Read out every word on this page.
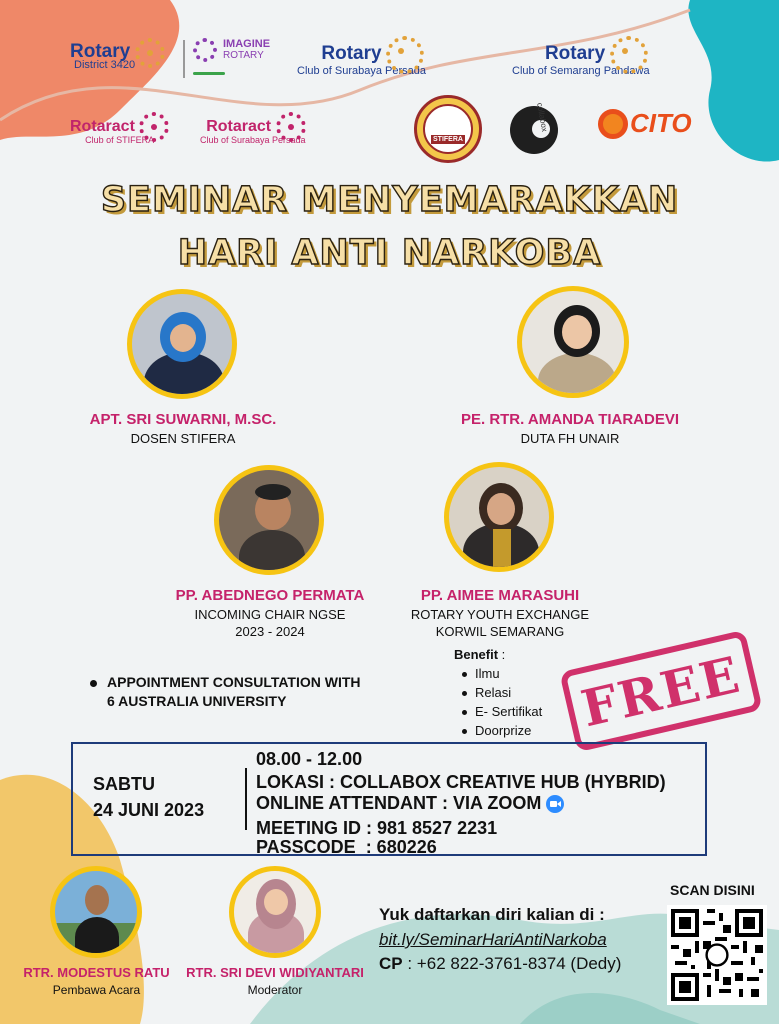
Rotary
District 3420
IMAGINE
ROTARY	Rotary
Club of Surabaya Persada
Rotary
Club of Semarang Pandawa
Rotaract
Club of STIFERA
Rotaract
Club of Surabaya Persada	STIFERA
collabox	CITO
SEMINAR MENYEMARAKKAN
HARI ANTI NARKOBA
APT. SRI SUWARNI, M.SC.
DOSEN STIFERA
PE. RTR. AMANDA TIARADEVI
DUTA FH UNAIR
PP. ABEDNEGO PERMATA
INCOMING CHAIR NGSE
2023 - 2024
PP. AIMEE MARASUHI
ROTARY YOUTH EXCHANGE
KORWIL SEMARANG
APPOINTMENT CONSULTATION WITH
6 AUSTRALIA UNIVERSITY
Benefit :
Ilmu
Relasi
E- Sertifikat
Doorprize FREE
SABTU
24 JUNI 2023
08.00 - 12.00
LOKASI : COLLABOX CREATIVE HUB (HYBRID)
ONLINE ATTENDANT : VIA ZOOM
MEETING ID : 981 8527 2231
PASSCODE  : 680226
RTR. MODESTUS RATU
Pembawa Acara
RTR. SRI DEVI WIDIYANTARI
Moderator
Yuk daftarkan diri kalian di :
bit.ly/SeminarHariAntiNarkoba
CP : +62 822-3761-8374 (Dedy)
SCAN DISINI
